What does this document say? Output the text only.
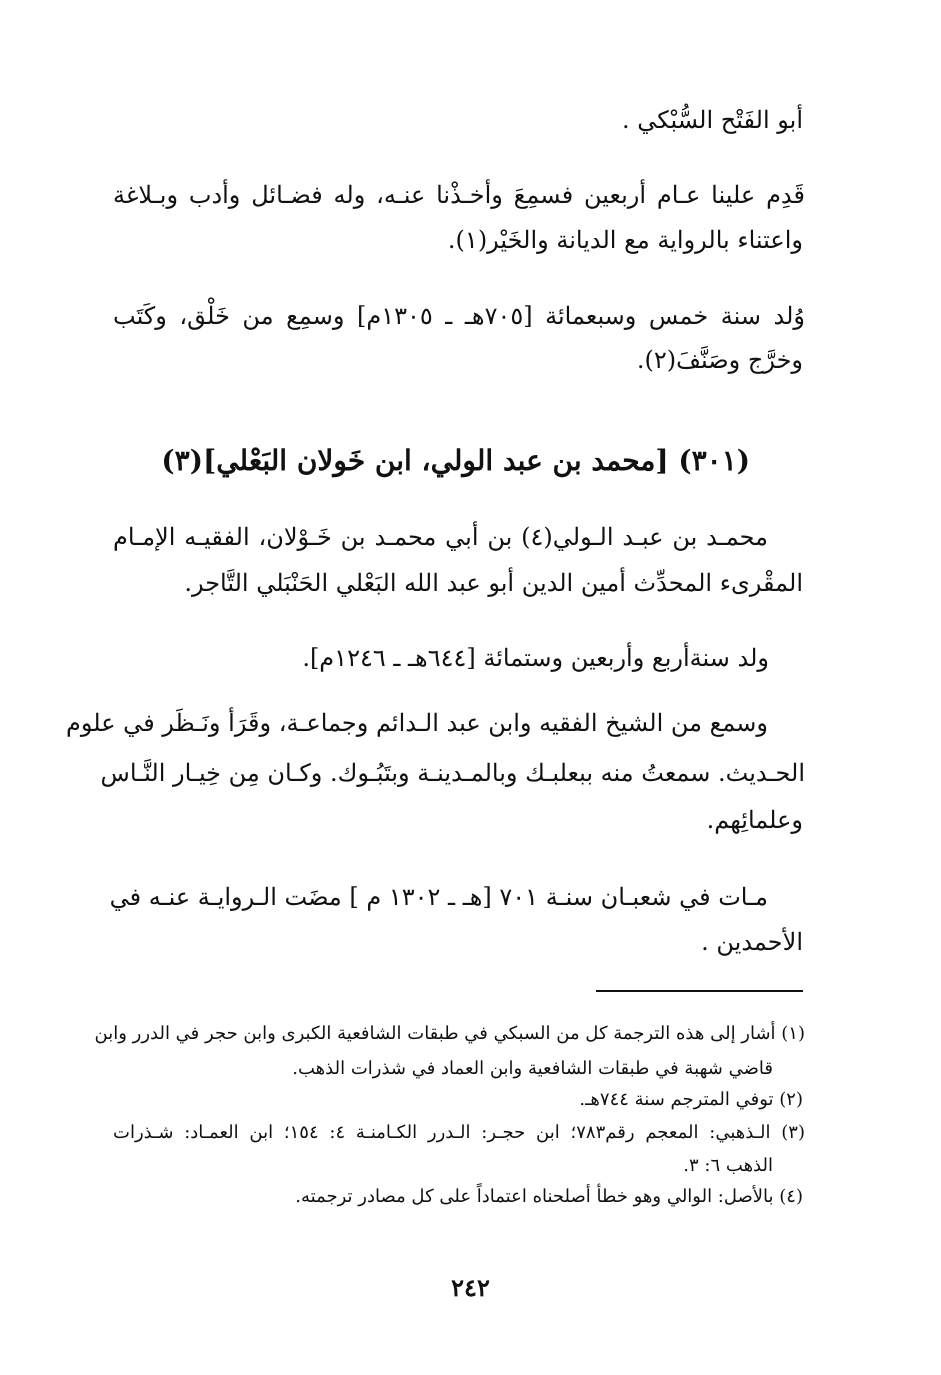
أبو الفَتْح السُّبْكي .
قَدِم علينا عـام أربعين فسمِعَ وأخـذْنا عنـه، وله فضـائل وأدب وبـلاغة
واعتناء بالرواية مع الديانة والخَيْر(١).
وُلد سنة خمس وسبعمائة [٧٠٥هـ ـ ١٣٠٥م] وسمِع من خَلْق، وكَتَب
وخرَّج وصَنَّفَ(٢).
(٣٠١) [محمد بن عبد الولي، ابن خَولان البَعْلي](٣)
محمـد بن عبـد الـولي(٤) بن أبي محمـد بن خَـوْلان، الفقيـه الإمـام
المقْرىء المحدِّث أمين الدين أبو عبد الله البَعْلي الحَنْبَلي التَّاجر.
ولد سنةأربع وأربعين وستمائة [٦٤٤هـ ـ ١٢٤٦م].
وسمع من الشيخ الفقيه وابن عبد الـدائم وجماعـة، وقَرَأ ونَـظَر في علوم
الحـديث. سمعتُ منه ببعلبـك وبالمـدينـة وبتَبُـوك. وكـان مِن خِيـار النَّـاس
وعلمائِهم.
مـات في شعبـان سنـة ٧٠١ [هـ ـ ١٣٠٢ م ] مضَت الـروايـة عنـه في
الأحمدين .
(١) أشار إلى هذه الترجمة كل من السبكي في طبقات الشافعية الكبرى وابن حجر في الدرر وابن
قاضي شهبة في طبقات الشافعية وابن العماد في شذرات الذهب.
(٢) توفي المترجم سنة ٧٤٤هـ.
(٣) الـذهبي: المعجم رقم٧٨٣؛ ابن حجـر: الـدرر الكـامنـة ٤: ١٥٤؛ ابن العمـاد: شـذرات
الذهب ٦: ٣.
(٤) بالأصل: الوالي وهو خطأ أصلحناه اعتماداً على كل مصادر ترجمته.
٢٤٢
